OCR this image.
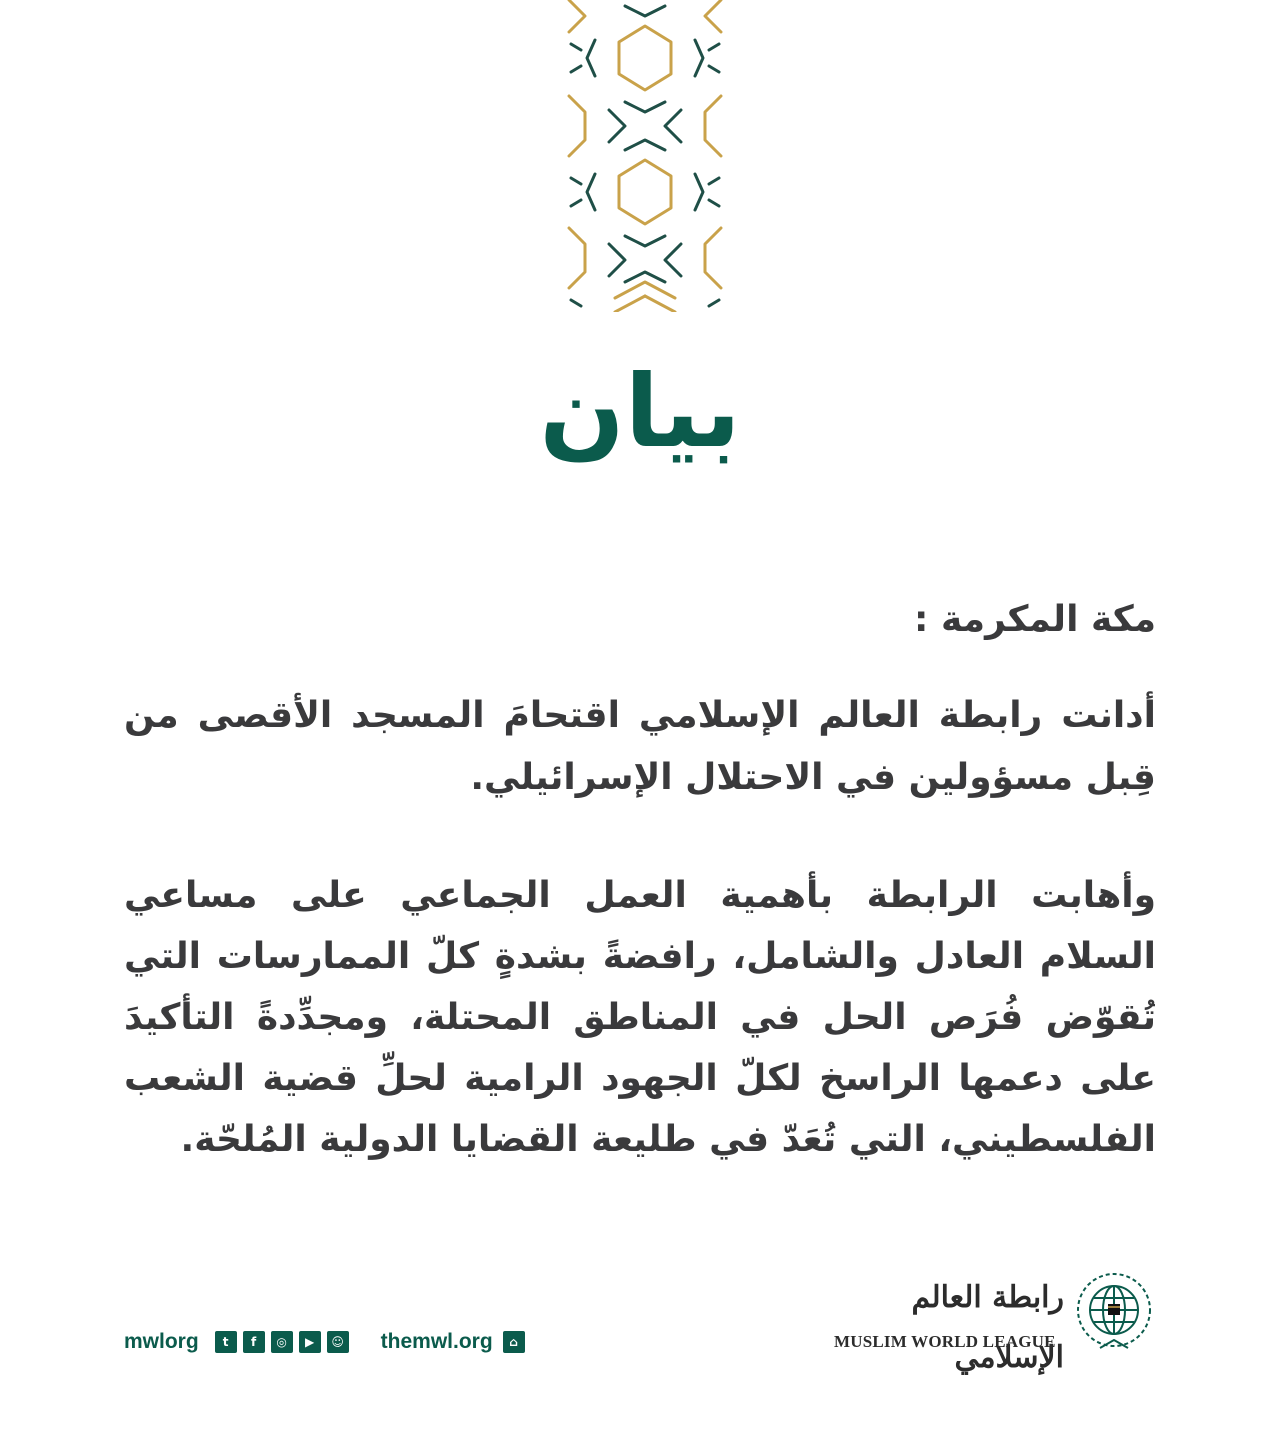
بيان
مكة المكرمة :
أدانت رابطة العالم الإسلامي اقتحامَ المسجد الأقصى من قِبل مسؤولين في الاحتلال الإسرائيلي.
وأهابت الرابطة بأهمية العمل الجماعي على مساعي السلام العادل والشامل، رافضةً بشدةٍ كلّ الممارسات التي تُقوّض فُرَص الحل في المناطق المحتلة، ومجدِّدةً التأكيدَ على دعمها الراسخ لكلّ الجهود الرامية لحلِّ قضية الشعب الفلسطيني، التي تُعَدّ في طليعة القضايا الدولية المُلحّة.
mwlorg	t	f	◎	▶	☺ themwl.org	⌂
رابطة العالم الإسلامي
MUSLIM WORLD LEAGUE
